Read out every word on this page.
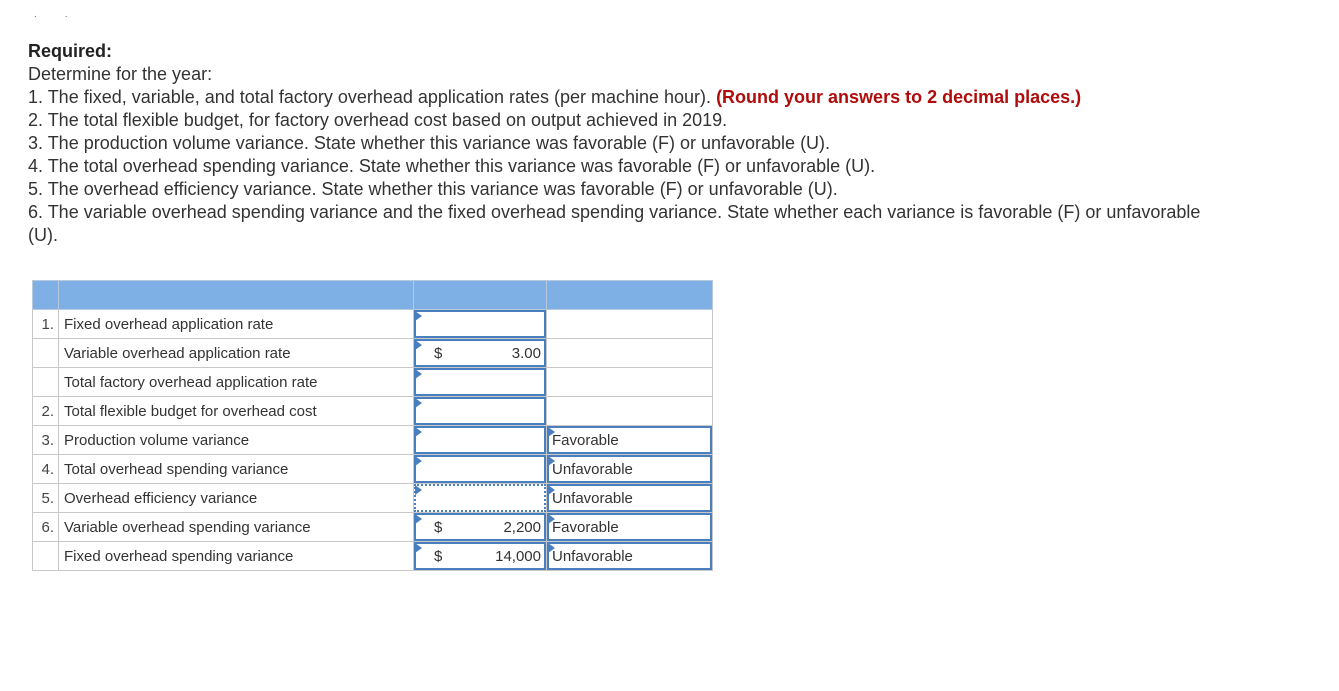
..
Required:

Determine for the year:

1. The fixed, variable, and total factory overhead application rates (per machine hour). (Round your answers to 2 decimal places.)

2. The total flexible budget, for factory overhead cost based on output achieved in 2019.

3. The production volume variance. State whether this variance was favorable (F) or unfavorable (U).

4. The total overhead spending variance. State whether this variance was favorable (F) or unfavorable (U).

5. The overhead efficiency variance. State whether this variance was favorable (F) or unfavorable (U).

6. The variable overhead spending variance and the fixed overhead spending variance. State whether each variance is favorable (F) or unfavorable (U).

1.	Fixed overhead application rate	

	Variable overhead application rate	$ 3.00	

	Total factory overhead application rate	

2.	Total flexible budget for overhead cost	

3.	Production volume variance		Favorable

4.	Total overhead spending variance		Unfavorable

5.	Overhead efficiency variance		Unfavorable

6.	Variable overhead spending variance	$ 2,200	Favorable

	Fixed overhead spending variance	$ 14,000	Unfavorable
